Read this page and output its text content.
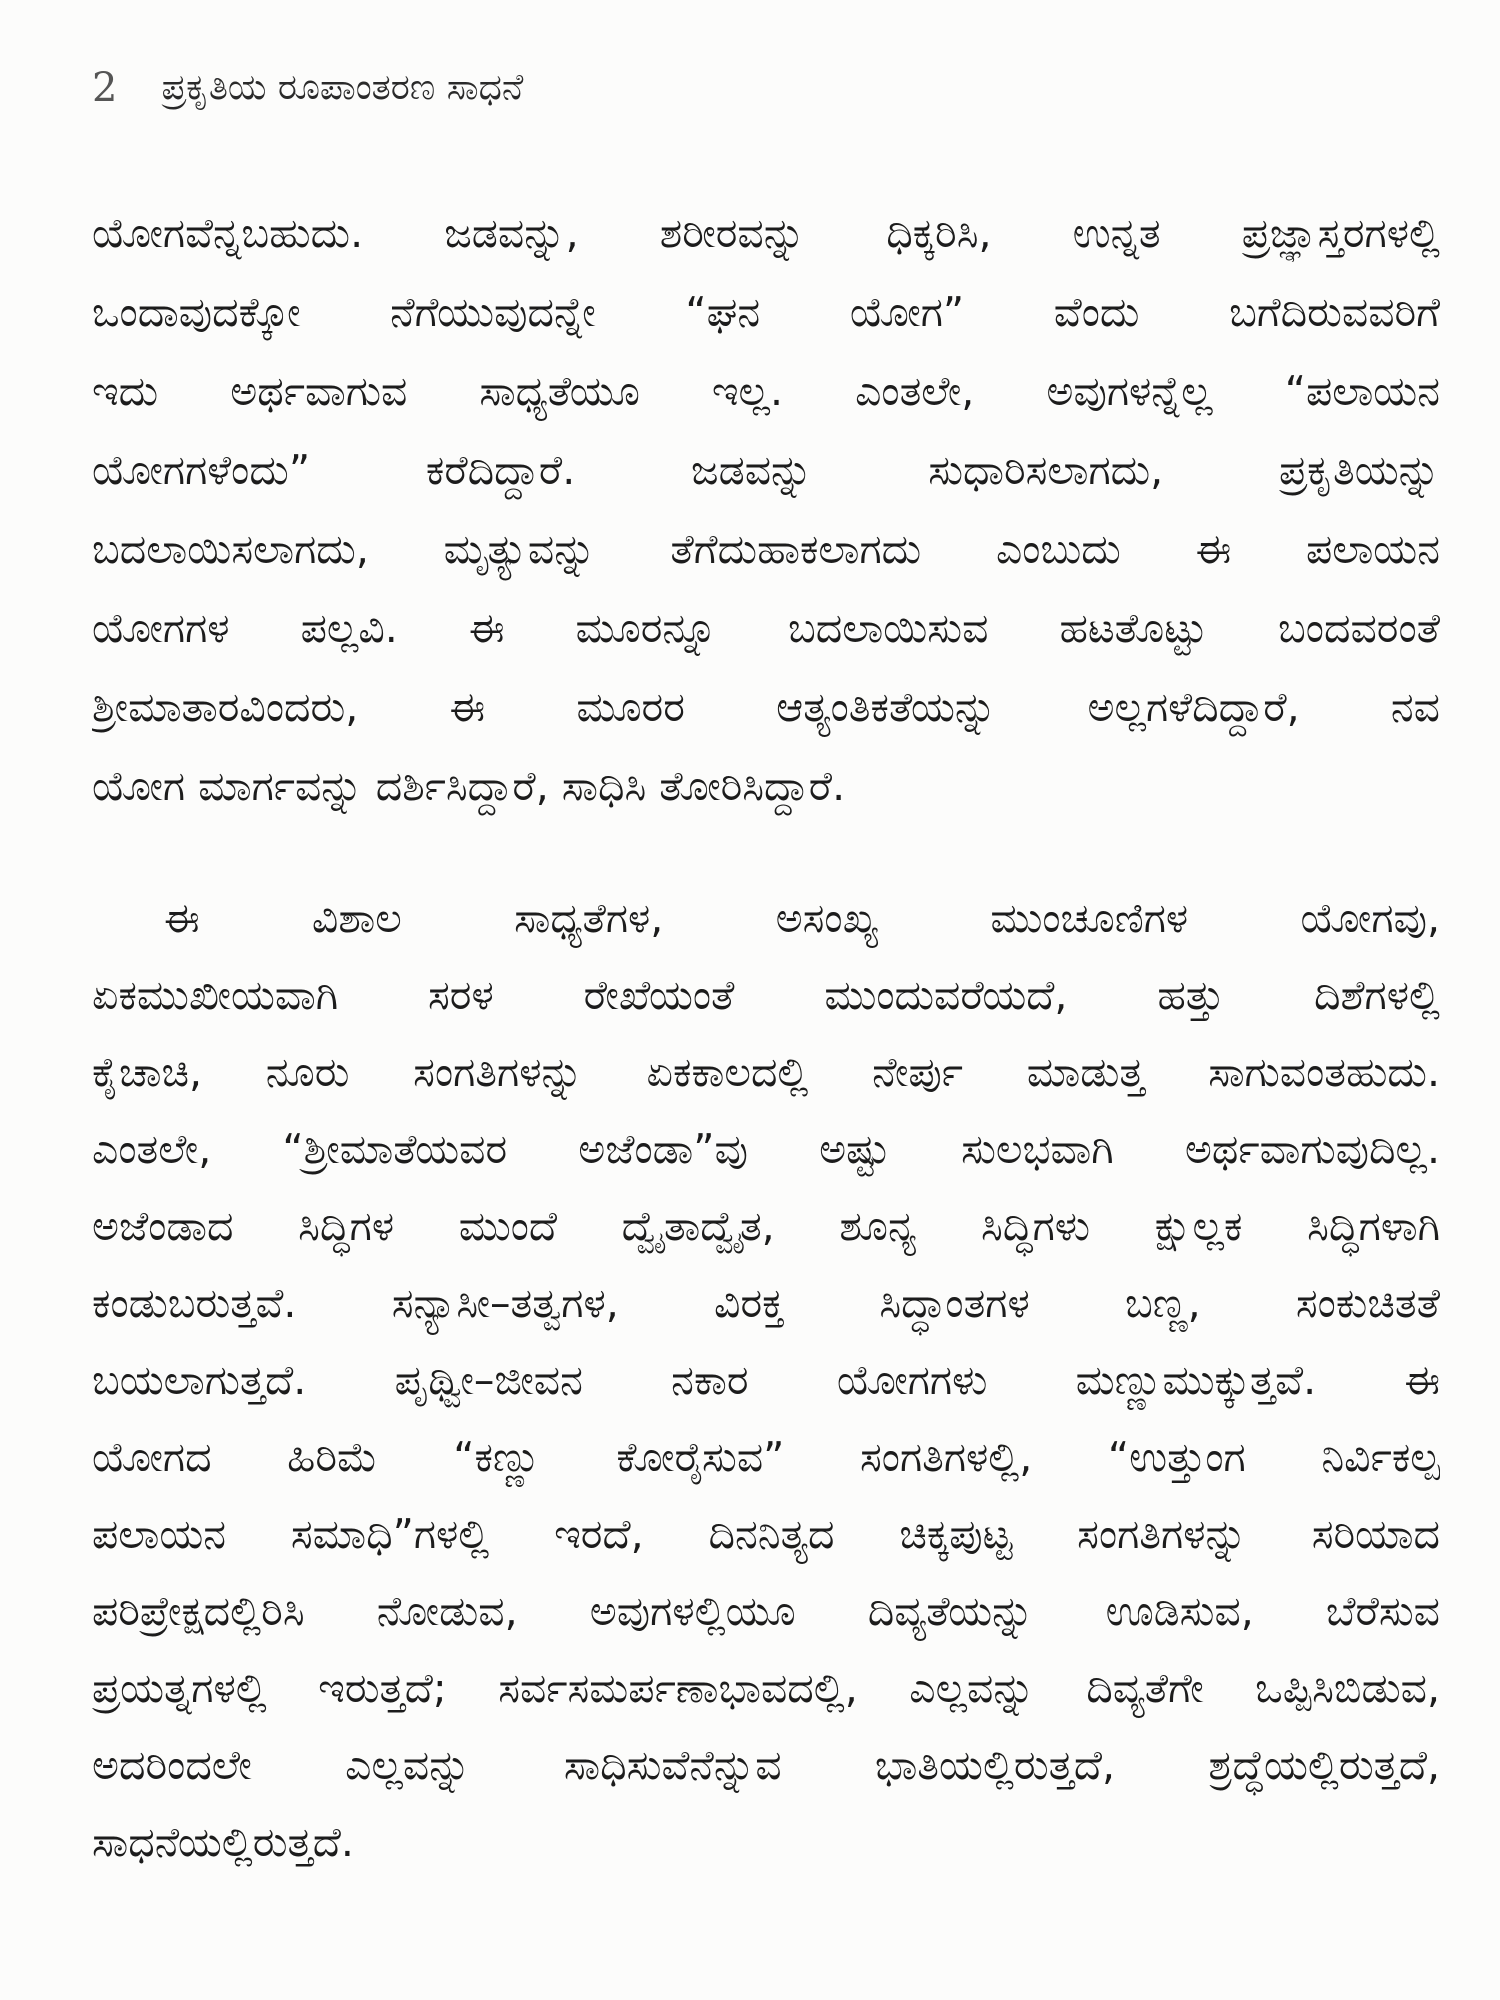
2 ಪ್ರಕೃತಿಯ ರೂಪಾಂತರಣ ಸಾಧನೆ
ಯೋಗವೆನ್ನಬಹುದು. ಜಡವನ್ನು, ಶರೀರವನ್ನು ಧಿಕ್ಕರಿಸಿ, ಉನ್ನತ ಪ್ರಜ್ಞಾಸ್ತರಗಳಲ್ಲಿ
ಒಂದಾವುದಕ್ಕೋ ನೆಗೆಯುವುದನ್ನೇ “ಘನ ಯೋಗ” ವೆಂದು ಬಗೆದಿರುವವರಿಗೆ
ಇದು ಅರ್ಥವಾಗುವ ಸಾಧ್ಯತೆಯೂ ಇಲ್ಲ. ಎಂತಲೇ, ಅವುಗಳನ್ನೆಲ್ಲ “ಪಲಾಯನ
ಯೋಗಗಳೆಂದು” ಕರೆದಿದ್ದಾರೆ. ಜಡವನ್ನು ಸುಧಾರಿಸಲಾಗದು, ಪ್ರಕೃತಿಯನ್ನು
ಬದಲಾಯಿಸಲಾಗದು, ಮೃತ್ಯುವನ್ನು ತೆಗೆದುಹಾಕಲಾಗದು ಎಂಬುದು ಈ ಪಲಾಯನ
ಯೋಗಗಳ ಪಲ್ಲವಿ. ಈ ಮೂರನ್ನೂ ಬದಲಾಯಿಸುವ ಹಟತೊಟ್ಟು ಬಂದವರಂತೆ
ಶ್ರೀಮಾತಾರವಿಂದರು, ಈ ಮೂರರ ಆತ್ಯಂತಿಕತೆಯನ್ನು ಅಲ್ಲಗಳೆದಿದ್ದಾರೆ, ನವ
ಯೋಗ ಮಾರ್ಗವನ್ನು ದರ್ಶಿಸಿದ್ದಾರೆ, ಸಾಧಿಸಿ ತೋರಿಸಿದ್ದಾರೆ.
ಈ ವಿಶಾಲ ಸಾಧ್ಯತೆಗಳ, ಅಸಂಖ್ಯ ಮುಂಚೂಣಿಗಳ ಯೋಗವು,
ಏಕಮುಖೀಯವಾಗಿ ಸರಳ ರೇಖೆಯಂತೆ ಮುಂದುವರೆಯದೆ, ಹತ್ತು ದಿಶೆಗಳಲ್ಲಿ
ಕೈಚಾಚಿ, ನೂರು ಸಂಗತಿಗಳನ್ನು ಏಕಕಾಲದಲ್ಲಿ ನೇರ್ಪು ಮಾಡುತ್ತ ಸಾಗುವಂತಹುದು.
ಎಂತಲೇ, “ಶ್ರೀಮಾತೆಯವರ ಅಜೆಂಡಾ”ವು ಅಷ್ಟು ಸುಲಭವಾಗಿ ಅರ್ಥವಾಗುವುದಿಲ್ಲ.
ಅಜೆಂಡಾದ ಸಿದ್ಧಿಗಳ ಮುಂದೆ ದ್ವೈತಾದ್ವೈತ, ಶೂನ್ಯ ಸಿದ್ಧಿಗಳು ಕ್ಷುಲ್ಲಕ ಸಿದ್ಧಿಗಳಾಗಿ
ಕಂಡುಬರುತ್ತವೆ. ಸನ್ಯಾಸೀ–ತತ್ವಗಳ, ವಿರಕ್ತ ಸಿದ್ಧಾಂತಗಳ ಬಣ್ಣ, ಸಂಕುಚಿತತೆ
ಬಯಲಾಗುತ್ತದೆ. ಪೃಥ್ವೀ–ಜೀವನ ನಕಾರ ಯೋಗಗಳು ಮಣ್ಣುಮುಕ್ಕುತ್ತವೆ. ಈ
ಯೋಗದ ಹಿರಿಮೆ “ಕಣ್ಣು ಕೋರೈಸುವ” ಸಂಗತಿಗಳಲ್ಲಿ, “ಉತ್ತುಂಗ ನಿರ್ವಿಕಲ್ಪ
ಪಲಾಯನ ಸಮಾಧಿ”ಗಳಲ್ಲಿ ಇರದೆ, ದಿನನಿತ್ಯದ ಚಿಕ್ಕಪುಟ್ಟ ಸಂಗತಿಗಳನ್ನು ಸರಿಯಾದ
ಪರಿಪ್ರೇಕ್ಷದಲ್ಲಿರಿಸಿ ನೋಡುವ, ಅವುಗಳಲ್ಲಿಯೂ ದಿವ್ಯತೆಯನ್ನು ಊಡಿಸುವ, ಬೆರೆಸುವ
ಪ್ರಯತ್ನಗಳಲ್ಲಿ ಇರುತ್ತದೆ; ಸರ್ವಸಮರ್ಪಣಾಭಾವದಲ್ಲಿ, ಎಲ್ಲವನ್ನು ದಿವ್ಯತೆಗೇ ಒಪ್ಪಿಸಿಬಿಡುವ,
ಅದರಿಂದಲೇ ಎಲ್ಲವನ್ನು ಸಾಧಿಸುವೆನೆನ್ನುವ ಭಾತಿಯಲ್ಲಿರುತ್ತದೆ, ಶ್ರದ್ಧೆಯಲ್ಲಿರುತ್ತದೆ,
ಸಾಧನೆಯಲ್ಲಿರುತ್ತದೆ.
